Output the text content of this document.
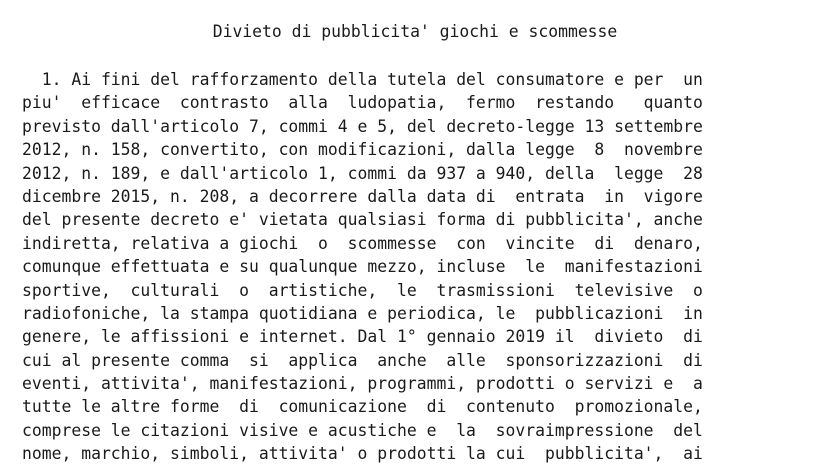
Divieto di pubblicita' giochi e scommesse
1. Ai fini del rafforzamento della tutela del consumatore e per  un
piu'  efficace  contrasto  alla  ludopatia,  fermo  restando   quanto
previsto dall'articolo 7, commi 4 e 5, del decreto-legge 13 settembre
2012, n. 158, convertito, con modificazioni, dalla legge  8  novembre
2012, n. 189, e dall'articolo 1, commi da 937 a 940, della  legge  28
dicembre 2015, n. 208, a decorrere dalla data di  entrata  in  vigore
del presente decreto e' vietata qualsiasi forma di pubblicita', anche
indiretta, relativa a giochi  o  scommesse  con  vincite  di  denaro,
comunque effettuata e su qualunque mezzo, incluse  le  manifestazioni
sportive,  culturali  o  artistiche,  le  trasmissioni  televisive  o
radiofoniche, la stampa quotidiana e periodica, le  pubblicazioni  in
genere, le affissioni e internet. Dal 1° gennaio 2019 il  divieto  di
cui al presente comma  si  applica  anche  alle  sponsorizzazioni  di
eventi, attivita', manifestazioni, programmi, prodotti o servizi e  a
tutte le altre forme  di  comunicazione  di  contenuto  promozionale,
comprese le citazioni visive e acustiche e  la  sovraimpressione  del
nome, marchio, simboli, attivita' o prodotti la cui  pubblicita',  ai
